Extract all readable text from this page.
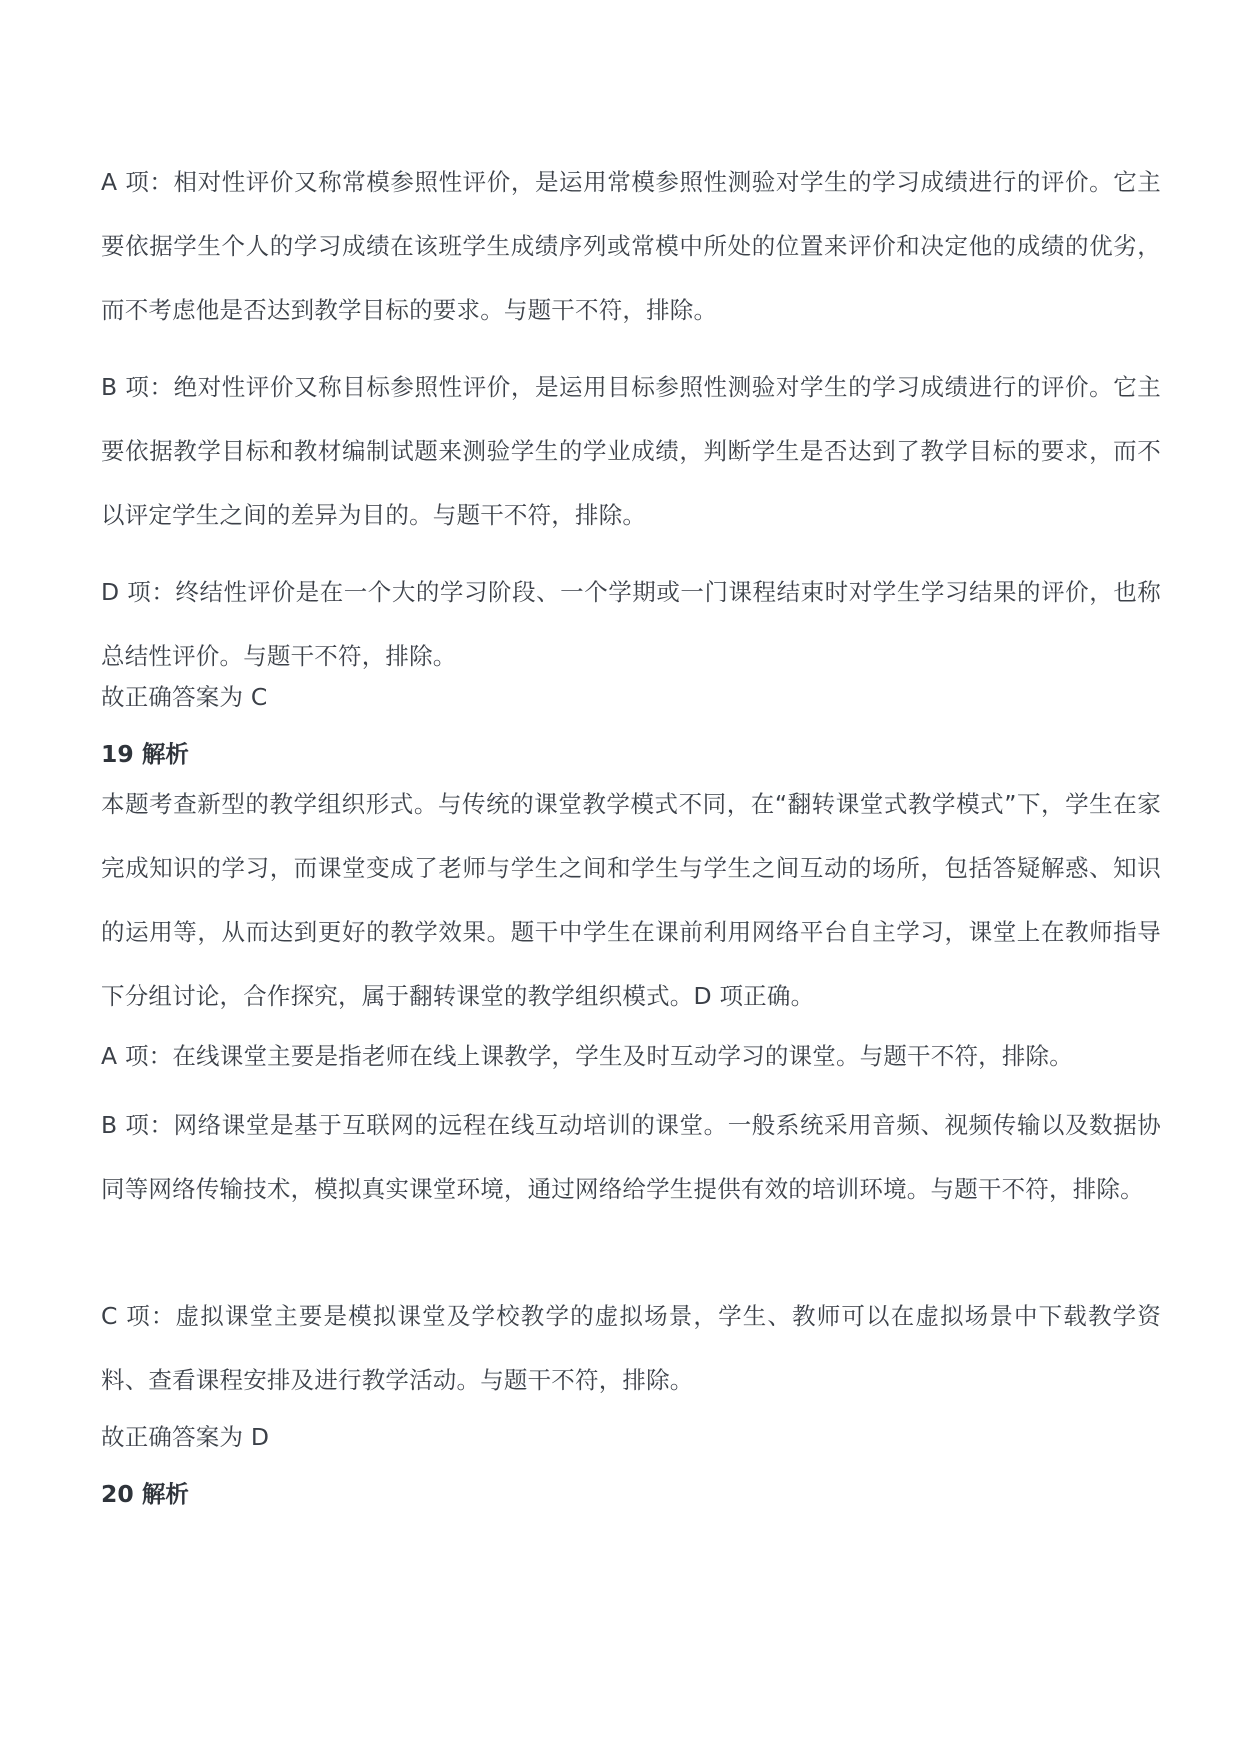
A 项：相对性评价又称常模参照性评价，是运用常模参照性测验对学生的学习成绩进行的评价。它主要依据学生个人的学习成绩在该班学生成绩序列或常模中所处的位置来评价和决定他的成绩的优劣，而不考虑他是否达到教学目标的要求。与题干不符，排除。

B 项：绝对性评价又称目标参照性评价，是运用目标参照性测验对学生的学习成绩进行的评价。它主要依据教学目标和教材编制试题来测验学生的学业成绩，判断学生是否达到了教学目标的要求，而不以评定学生之间的差异为目的。与题干不符，排除。

D 项：终结性评价是在一个大的学习阶段、一个学期或一门课程结束时对学生学习结果的评价，也称总结性评价。与题干不符，排除。

故正确答案为 C

19 解析

本题考查新型的教学组织形式。与传统的课堂教学模式不同，在“翻转课堂式教学模式”下，学生在家完成知识的学习，而课堂变成了老师与学生之间和学生与学生之间互动的场所，包括答疑解惑、知识的运用等，从而达到更好的教学效果。题干中学生在课前利用网络平台自主学习，课堂上在教师指导下分组讨论，合作探究，属于翻转课堂的教学组织模式。D 项正确。

A 项：在线课堂主要是指老师在线上课教学，学生及时互动学习的课堂。与题干不符，排除。

B 项：网络课堂是基于互联网的远程在线互动培训的课堂。一般系统采用音频、视频传输以及数据协同等网络传输技术，模拟真实课堂环境，通过网络给学生提供有效的培训环境。与题干不符，排除。

C 项：虚拟课堂主要是模拟课堂及学校教学的虚拟场景，学生、教师可以在虚拟场景中下载教学资料、查看课程安排及进行教学活动。与题干不符，排除。

故正确答案为 D

20 解析
